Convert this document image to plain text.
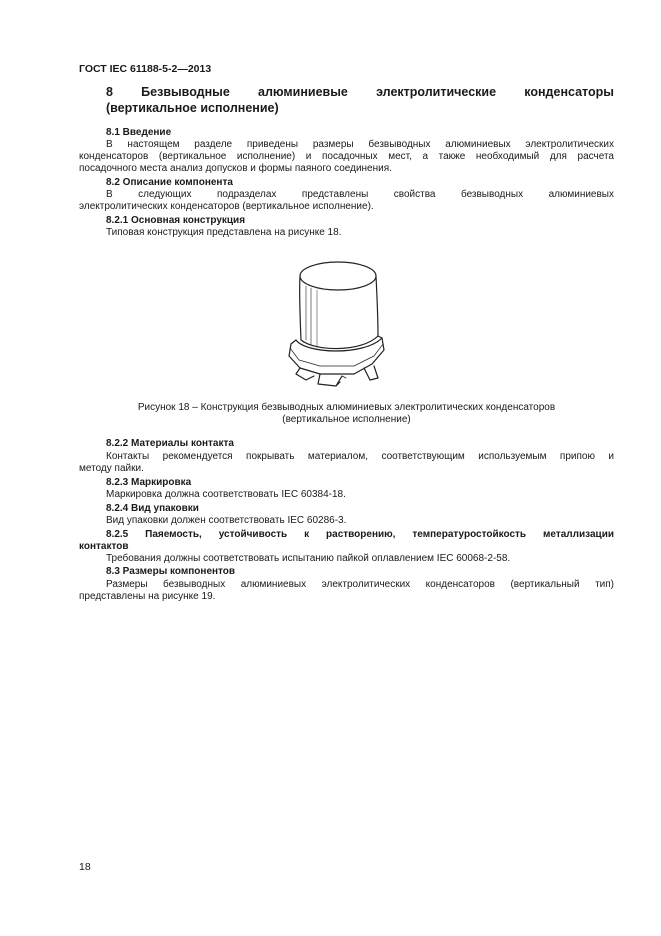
ГОСТ IEC 61188-5-2—2013
8 Безвыводные алюминиевые электролитические конденсаторы
(вертикальное исполнение)
8.1 Введение
В настоящем разделе приведены размеры безвыводных алюминиевых электролитических
конденсаторов (вертикальное исполнение) и посадочных мест, а также необходимый для расчета
посадочного места анализ допусков и формы паяного соединения.
8.2 Описание компонента
В следующих подразделах представлены свойства безвыводных алюминиевых
электролитических конденсаторов (вертикальное исполнение).
8.2.1 Основная конструкция
Типовая конструкция представлена на рисунке 18.
Рисунок 18 – Конструкция безвыводных алюминиевых электролитических конденсаторов
(вертикальное исполнение)
8.2.2 Материалы контакта
Контакты рекомендуется покрывать материалом, соответствующим используемым припою и
методу пайки.
8.2.3 Маркировка
Маркировка должна соответствовать IEC 60384-18.
8.2.4 Вид упаковки
Вид упаковки должен соответствовать IEC 60286-3.
8.2.5 Паяемость, устойчивость к растворению, температуростойкость металлизации
контактов
Требования должны соответствовать испытанию пайкой оплавлением IEC 60068-2-58.
8.3 Размеры компонентов
Размеры безвыводных алюминиевых электролитических конденсаторов (вертикальный тип)
представлены на рисунке 19.
18
